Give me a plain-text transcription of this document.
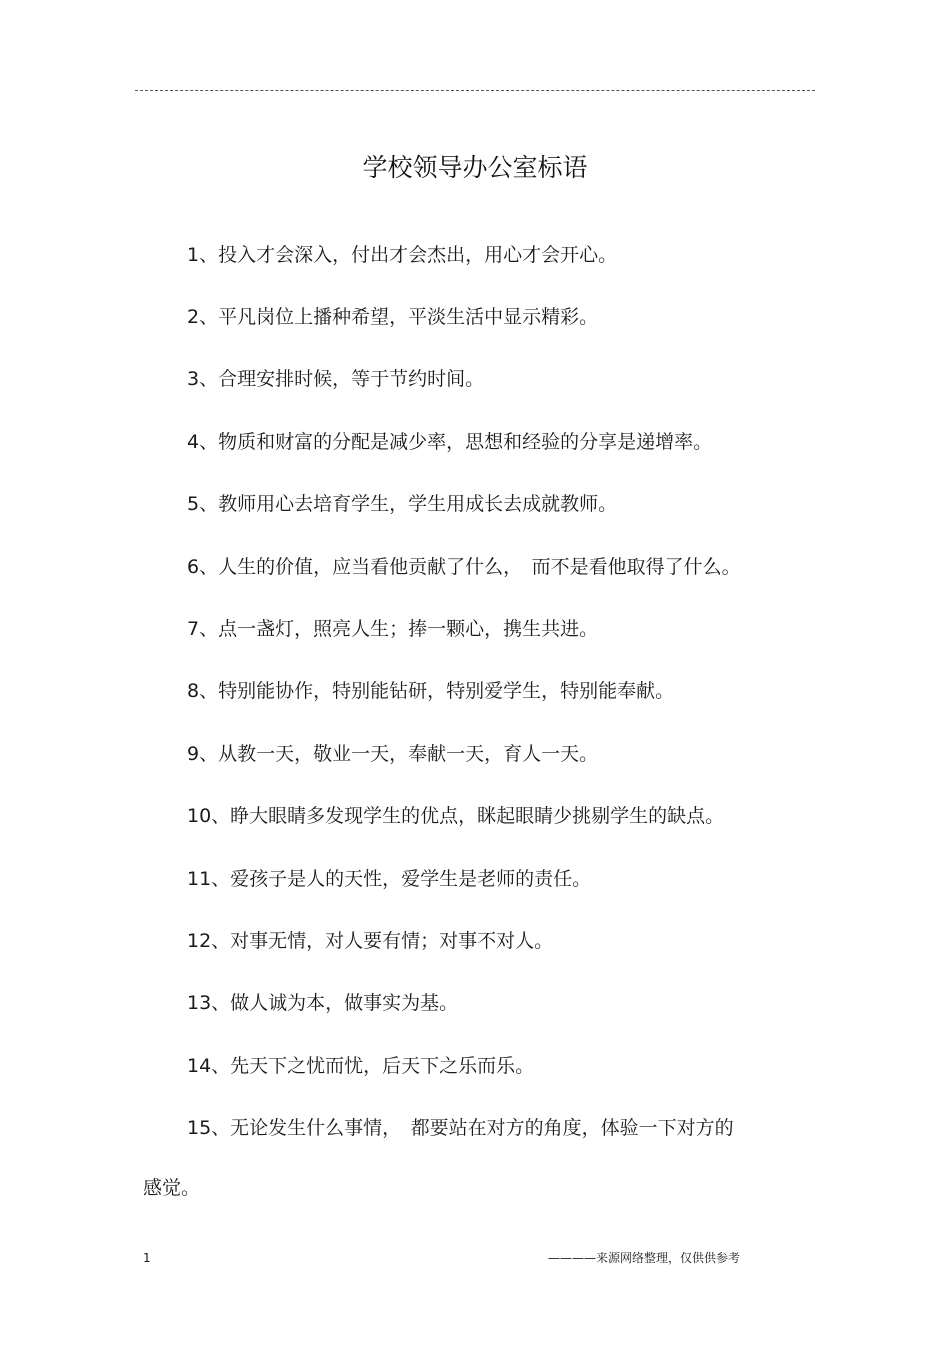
学校领导办公室标语
1、投入才会深入，付出才会杰出，用心才会开心。
2、平凡岗位上播种希望，平淡生活中显示精彩。
3、合理安排时候，等于节约时间。
4、物质和财富的分配是减少率，思想和经验的分享是递增率。
5、教师用心去培育学生，学生用成长去成就教师。
6、人生的价值，应当看他贡献了什么，　而不是看他取得了什么。
7、点一盏灯，照亮人生；捧一颗心，携生共进。
8、特别能协作，特别能钻研，特别爱学生，特别能奉献。
9、从教一天，敬业一天，奉献一天，育人一天。
10、睁大眼睛多发现学生的优点，眯起眼睛少挑剔学生的缺点。
11、爱孩子是人的天性，爱学生是老师的责任。
12、对事无情，对人要有情；对事不对人。
13、做人诚为本，做事实为基。
14、先天下之忧而忧，后天下之乐而乐。
15、无论发生什么事情，　都要站在对方的角度，体验一下对方的
感觉。
1	————来源网络整理，仅供供参考
